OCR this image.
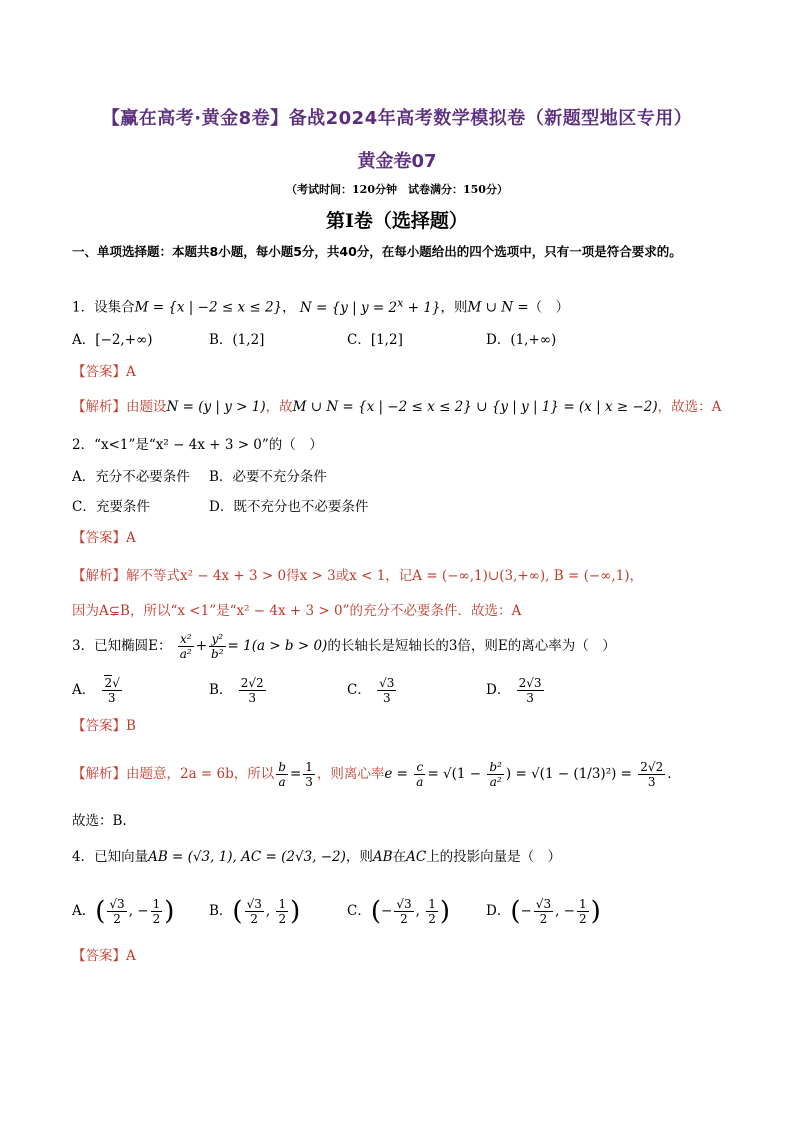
【赢在高考·黄金8卷】备战2024年高考数学模拟卷（新题型地区专用）
黄金卷07
（考试时间：120分钟　试卷满分：150分）
第I卷（选择题）
一、单项选择题：本题共8小题，每小题5分，共40分，在每小题给出的四个选项中，只有一项是符合要求的。
1．设集合M = {x | −2 ≤ x ≤ 2}， N = {y | $y = 2^x + 1$}，则M ∪ N =（　）
A．[−2,+∞)	B．(1,2]	C．[1,2]	D．(1,+∞)
【答案】A
【解析】由题设N = (y | y > 1)，故M ∪ N = {x | −2 ≤ x ≤ 2} ∪ {y | y | 1} = (x | x ≥ −2)，故选：A
2．“x<1”是“x² − 4x + 3 > 0”的（　）
A．充分不必要条件 B．必要不充分条件
C．充要条件	D．既不充分也不必要条件
【答案】A
【解析】解不等式x² − 4x + 3 > 0得x > 3或x < 1，记A = (−∞,1)∪(3,+∞), B = (−∞,1)，
因为A⊊B，所以“x <1”是“x² − 4x + 3 > 0”的充分不必要条件．故选：A
3．已知椭圆E： $\frac{\text{x²}}{\text{a²}} + \frac{\text{y²}}{\text{b²}} = 1(a > b > 0)$的长轴长是短轴长的3倍，则E的离心率为（　）
A． $\frac{2√}{3}$	B． $\frac{2√2}{3}$	C． $\frac{√3}{3}$	D． $\frac{2√3}{3}$
【答案】B
【解析】由题意，2a = 6b，所以 $\frac{b}{a} = \frac{1}{3}$ ，则离心率$e = \frac{c}{a} = √(1 - \frac{\text{b²}}{\text{a²}}$ ) = $√(1 - (1/3)^2) = \frac{2√2}{3}$ .
故选：B.
4．已知向量AB = (√3, 1), AC = (2√3, −2)，则AB在AC上的投影向量是（　）
A．( $\frac{√3}{2}$ , − $\frac{1}{2}$ )	B．( $\frac{√3}{2}$ , $\frac{1}{2}$ )	C．(− $\frac{√3}{2}$ , $\frac{1}{2}$ )	D．(− $\frac{√3}{2}$ , − $\frac{1}{2}$ )
【答案】A
